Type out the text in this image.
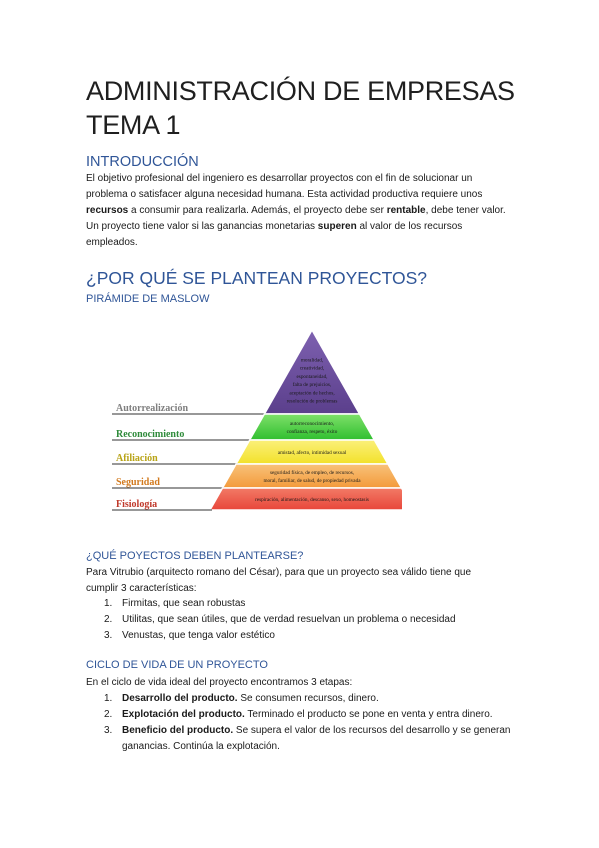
ADMINISTRACIÓN DE EMPRESAS
TEMA 1
INTRODUCCIÓN
El objetivo profesional del ingeniero es desarrollar proyectos con el fin de solucionar un
problema o satisfacer alguna necesidad humana. Esta actividad productiva requiere unos
recursos a consumir para realizarla. Además, el proyecto debe ser rentable, debe tener valor.
Un proyecto tiene valor si las ganancias monetarias superen al valor de los recursos
empleados.
¿POR QUÉ SE PLANTEAN PROYECTOS?
PIRÁMIDE DE MASLOW
moralidad,
creatividad,
espontaneidad,
falta de prejuicios,
aceptación de hechos,
resolución de problemas
Autorrealización
autorreconocimiento,
confianza, respeto, éxito
Reconocimiento
amistad, afecto, intimidad sexual
Afiliación
seguridad física, de empleo, de recursos,
moral, familiar, de salud, de propiedad privada
Seguridad
respiración, alimentación, descanso, sexo, homeostasis
Fisiología
¿QUÉ POYECTOS DEBEN PLANTEARSE?
Para Vitrubio (arquitecto romano del César), para que un proyecto sea válido tiene que
cumplir 3 características:
1. Firmitas, que sean robustas
2. Utilitas, que sean útiles, que de verdad resuelvan un problema o necesidad
3. Venustas, que tenga valor estético
CICLO DE VIDA DE UN PROYECTO
En el ciclo de vida ideal del proyecto encontramos 3 etapas:
1. Desarrollo del producto. Se consumen recursos, dinero.
2. Explotación del producto. Terminado el producto se pone en venta y entra dinero.
3. Beneficio del producto. Se supera el valor de los recursos del desarrollo y se generan ganancias. Continúa la explotación.
